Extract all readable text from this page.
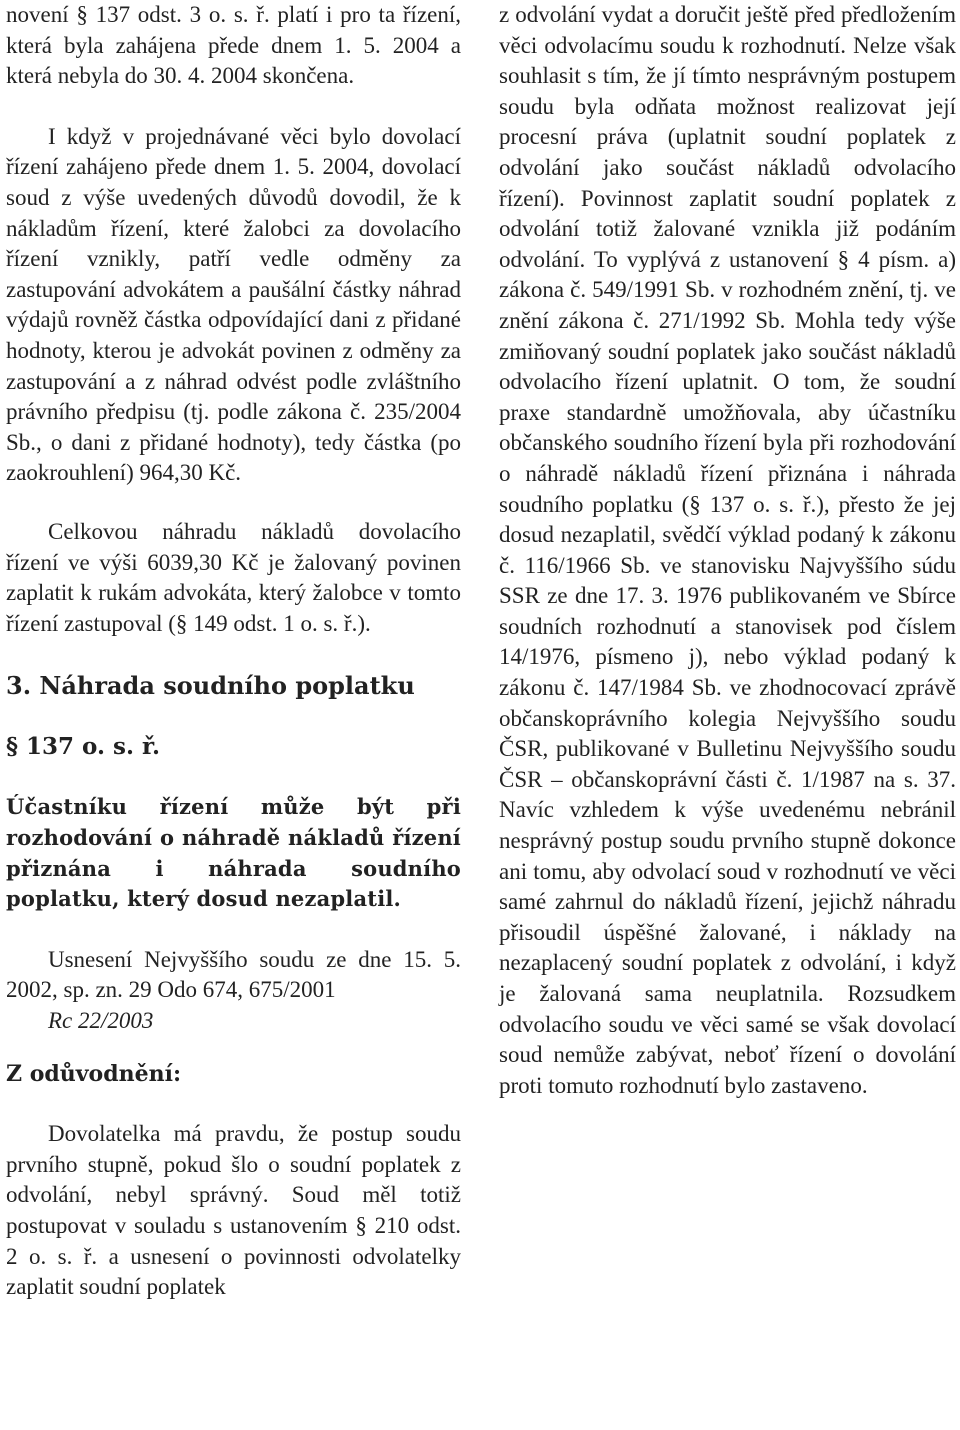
novení § 137 odst. 3 o. s. ř. platí i pro ta řízení, která byla zahájena přede dnem 1. 5. 2004 a která nebyla do 30. 4. 2004 skončena.

I když v projednávané věci bylo dovolací řízení zahájeno přede dnem 1. 5. 2004, dovolací soud z výše uvedených důvodů dovodil, že k nákladům řízení, které žalobci za dovolacího řízení vznikly, patří vedle odměny za zastupování advokátem a paušální částky náhrad výdajů rovněž částka odpovídající dani z přidané hodnoty, kterou je advokát povinen z odměny za zastupování a z náhrad odvést podle zvláštního právního předpisu (tj. podle zákona č. 235/2004 Sb., o dani z přidané hodnoty), tedy částka (po zaokrouhlení) 964,30 Kč.

Celkovou náhradu nákladů dovolacího řízení ve výši 6039,30 Kč je žalovaný povinen zaplatit k rukám advokáta, který žalobce v tomto řízení zastupoval (§ 149 odst. 1 o. s. ř.).

3. Náhrada soudního poplatku
§ 137 o. s. ř.

Účastníku řízení může být při rozhodování o náhradě nákladů řízení přiznána i náhrada soudního poplatku, který dosud nezaplatil.

Usnesení Nejvyššího soudu ze dne 15. 5. 2002, sp. zn. 29 Odo 674, 675/2001

Rc 22/2003

Z odůvodnění:

Dovolatelka má pravdu, že postup soudu prvního stupně, pokud šlo o soudní poplatek z odvolání, nebyl správný. Soud měl totiž postupovat v souladu s ustanovením § 210 odst. 2 o. s. ř. a usnesení o povinnosti odvolatelky zaplatit soudní poplatek

z odvolání vydat a doručit ještě před předložením věci odvolacímu soudu k rozhodnutí. Nelze však souhlasit s tím, že jí tímto nesprávným postupem soudu byla odňata možnost realizovat její procesní práva (uplatnit soudní poplatek z odvolání jako součást nákladů odvolacího řízení). Povinnost zaplatit soudní poplatek z odvolání totiž žalované vznikla již podáním odvolání. To vyplývá z ustanovení § 4 písm. a) zákona č. 549/1991 Sb. v rozhodném znění, tj. ve znění zákona č. 271/1992 Sb. Mohla tedy výše zmiňovaný soudní poplatek jako součást nákladů odvolacího řízení uplatnit. O tom, že soudní praxe standardně umožňovala, aby účastníku občanského soudního řízení byla při rozhodování o náhradě nákladů řízení přiznána i náhrada soudního poplatku (§ 137 o. s. ř.), přesto že jej dosud nezaplatil, svědčí výklad podaný k zákonu č. 116/1966 Sb. ve stanovisku Najvyššího súdu SSR ze dne 17. 3. 1976 publikovaném ve Sbírce soudních rozhodnutí a stanovisek pod číslem 14/1976, písmeno j), nebo výklad podaný k zákonu č. 147/1984 Sb. ve zhodnocovací zprávě občanskoprávního kolegia Nejvyššího soudu ČSR, publikované v Bulletinu Nejvyššího soudu ČSR – občanskoprávní části č. 1/1987 na s. 37. Navíc vzhledem k výše uvedenému nebránil nesprávný postup soudu prvního stupně dokonce ani tomu, aby odvolací soud v rozhodnutí ve věci samé zahrnul do nákladů řízení, jejichž náhradu přisoudil úspěšné žalované, i náklady na nezaplacený soudní poplatek z odvolání, i když je žalovaná sama neuplatnila. Rozsudkem odvolacího soudu ve věci samé se však dovolací soud nemůže zabývat, neboť řízení o dovolání proti tomuto rozhodnutí bylo zastaveno.
